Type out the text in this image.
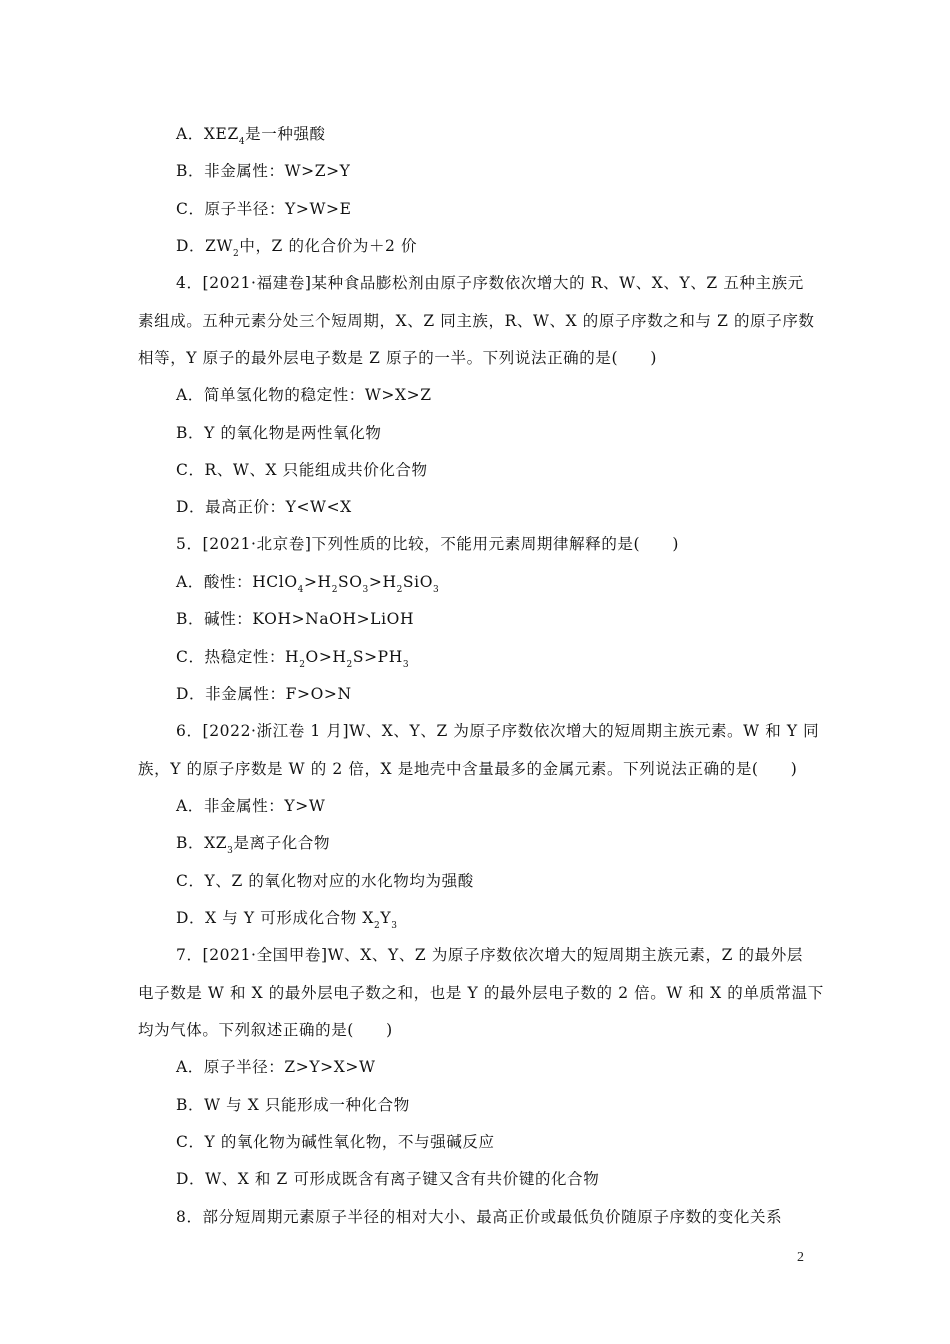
A．$XEZ_4$是一种强酸
B．非金属性：W>Z>Y
C．原子半径：Y>W>E
D．$ZW_2$中，Z 的化合价为＋2 价
4．[2021·福建卷]某种食品膨松剂由原子序数依次增大的 R、W、X、Y、Z 五种主族元
素组成。五种元素分处三个短周期，X、Z 同主族，R、W、X 的原子序数之和与 Z 的原子序数
相等，Y 原子的最外层电子数是 Z 原子的一半。下列说法正确的是(　　)
A．简单氢化物的稳定性：W>X>Z
B．Y 的氧化物是两性氧化物
C．R、W、X 只能组成共价化合物
D．最高正价：Y<W<X
5．[2021·北京卷]下列性质的比较，不能用元素周期律解释的是(　　)
A．酸性：$HClO_4>H_2SO_3>H_2SiO_3$
B．碱性：KOH>NaOH>LiOH
C．热稳定性：$H_2O>H_2S>PH_3$
D．非金属性：F>O>N
6．[2022·浙江卷 1 月]W、X、Y、Z 为原子序数依次增大的短周期主族元素。W 和 Y 同
族，Y 的原子序数是 W 的 2 倍，X 是地壳中含量最多的金属元素。下列说法正确的是(　　)
A．非金属性：Y>W
B．$XZ_3$是离子化合物
C．Y、Z 的氧化物对应的水化物均为强酸
D．X 与 Y 可形成化合物 $X_2Y_3$
7．[2021·全国甲卷]W、X、Y、Z 为原子序数依次增大的短周期主族元素，Z 的最外层
电子数是 W 和 X 的最外层电子数之和，也是 Y 的最外层电子数的 2 倍。W 和 X 的单质常温下
均为气体。下列叙述正确的是(　　)
A．原子半径：Z>Y>X>W
B．W 与 X 只能形成一种化合物
C．Y 的氧化物为碱性氧化物，不与强碱反应
D．W、X 和 Z 可形成既含有离子键又含有共价键的化合物
8．部分短周期元素原子半径的相对大小、最高正价或最低负价随原子序数的变化关系
2
